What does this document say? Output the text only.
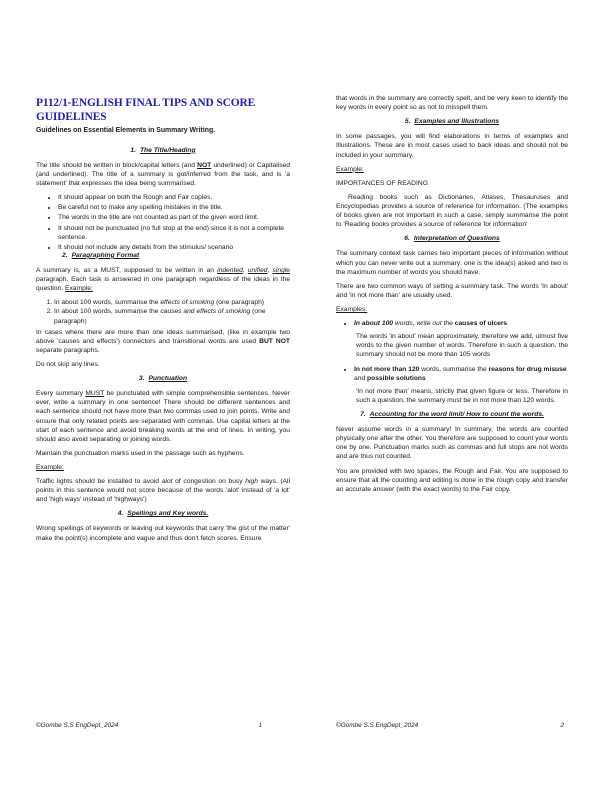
P112/1-ENGLISH FINAL TIPS AND SCORE GUIDELINES
Guidelines on Essential Elements in Summary Writing.
1. The Title/Heading

The title should be written in block/capital letters (and NOT underlined) or Capitalised (and underlined). The title of a summary is got/inferred from the task, and is 'a statement' that expresses the idea being summarised.

• It should appear on both the Rough and Fair copies.
• Be careful not to make any spelling mistakes in the title.
• The words in the title are not counted as part of the given word limit.
• It should not be punctuated (no full stop at the end) since it is not a complete sentence.
• It should not include any details from the stimulus/ scenario
2. Paragraphing Format

A summary is, as a MUST, supposed to be written in an indented, unified, single paragraph. Each task is answered in one paragraph regardless of the ideas in the question. Example:

1. In about 100 words, summarise the effects of smoking (one paragraph)
2. In about 100 words, summarise the causes and effects of smoking (one paragraph)

In cases where there are more than one ideas summarised, (like in example two above 'causes and effects') connectors and transitional words are used BUT NOT separate paragraphs.

Do not skip any lines.

3. Punctuation

Every summary MUST be punctuated with simple comprehensible sentences. Never ever, write a summary in one sentence! There should be different sentences and each sentence should not have more than two commas used to join points. Write and ensure that only related points are separated with commas. Use capital letters at the start of each sentence and avoid breaking words at the end of lines. In writing, you should also avoid separating or joining words.

Maintain the punctuation marks used in the passage such as hyphens.

Example:

Traffic lights should be installed to avoid alot of congestion on busy high ways. (All points in this sentence would not score because of the words 'alot' instead of 'a lot' and 'high ways' instead of 'highways')

4. Spellings and Key words.

Wrong spellings of keywords or leaving out keywords that carry 'the gist of the matter' make the point(s) incomplete and vague and thus don't fetch scores. Ensure

©Gombe S.S EngDept_2024	1

that words in the summary are correctly spelt, and be very keen to identify the key words in every point so as not to misspell them.

5. Examples and Illustrations

In some passages, you will find elaborations in terms of examples and Illustrations. These are in most cases used to back ideas and should not be included in your summary.

Example:

IMPORTANCES OF READING

Reading books such as Dictionaries, Atlases, Thesauruses and Encyclopedias provides a source of reference for information. (The examples of books given are not important in such a case, simply summarise the point to 'Reading books provides a source of reference for information'

6. Interpretation of Questions

The summary context task carries two important pieces of information without which you can never write out a summary: one is the idea(s) asked and two is the maximum number of words you should have.

There are two common ways of setting a summary task. The words 'In about' and 'in not more than' are usually used.

Examples:

• In about 100 words, write out the causes of ulcers

The words 'in about' mean approximately, therefore we add, utmost five words to the given number of words. Therefore in such a question, the summary should not be more than 105 words

• In not more than 120 words, summarise the reasons for drug misuse and possible solutions

'In not more than' means, strictly that given figure or less. Therefore in such a question, the summary must be in not more than 120 words.

7. Accounting for the word limit/ How to count the words.

Never assume words in a summary! In summary, the words are counted physically one after the other. You therefore are supposed to count your words one by one. Punctuation marks such as commas and full stops are not words and are thus not counted.

You are provided with two spaces, the Rough and Fair. You are supposed to ensure that all the counting and editing is done in the rough copy and transfer an accurate answer (with the exact words) to the Fair copy.

©Gombe S.S EngDept_2024	2
